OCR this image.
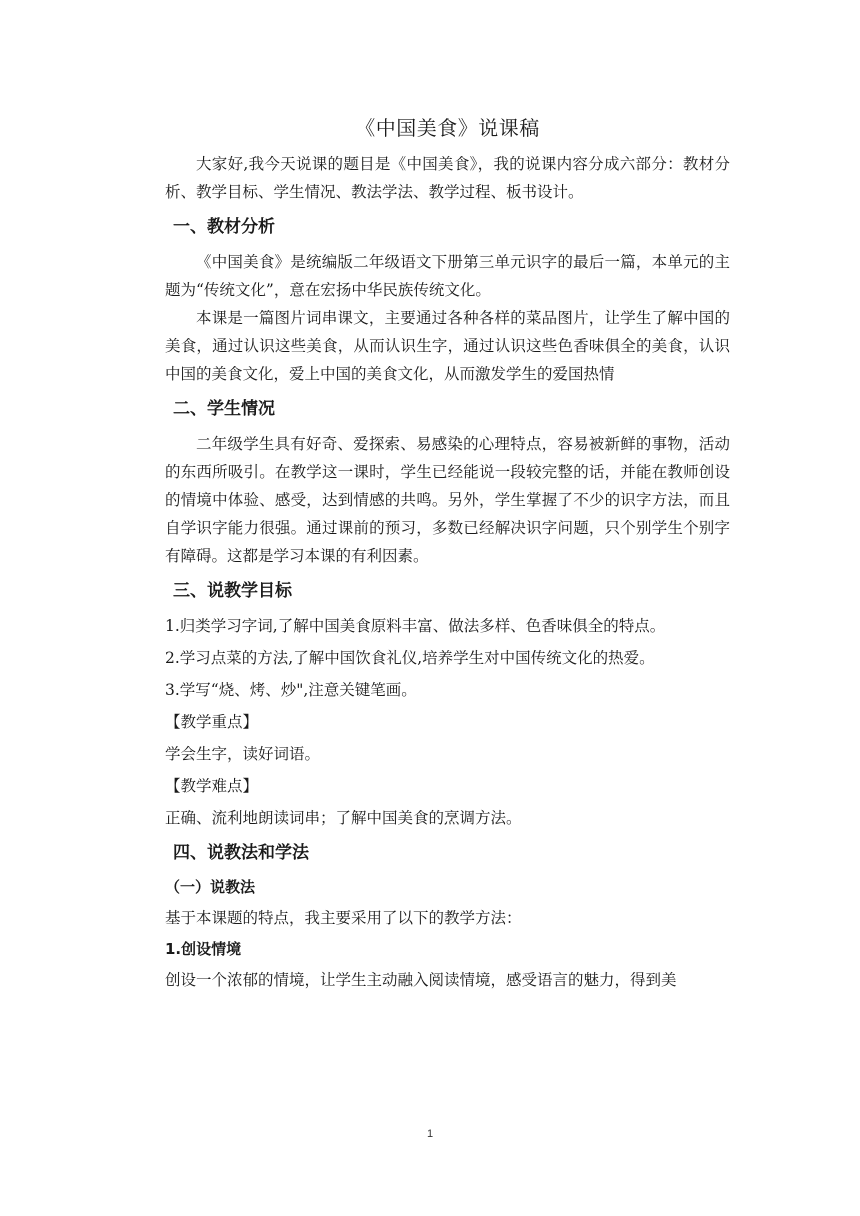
《中国美食》说课稿

大家好,我今天说课的题目是《中国美食》，我的说课内容分成六部分：教材分析、教学目标、学生情况、教法学法、教学过程、板书设计。

一、教材分析

《中国美食》是统编版二年级语文下册第三单元识字的最后一篇，本单元的主题为“传统文化”，意在宏扬中华民族传统文化。

本课是一篇图片词串课文，主要通过各种各样的菜品图片，让学生了解中国的美食，通过认识这些美食，从而认识生字，通过认识这些色香味俱全的美食，认识中国的美食文化，爱上中国的美食文化，从而激发学生的爱国热情

二、学生情况

二年级学生具有好奇、爱探索、易感染的心理特点，容易被新鲜的事物，活动的东西所吸引。在教学这一课时，学生已经能说一段较完整的话，并能在教师创设的情境中体验、感受，达到情感的共鸣。另外，学生掌握了不少的识字方法，而且自学识字能力很强。通过课前的预习，多数已经解决识字问题，只个别学生个别字有障碍。这都是学习本课的有利因素。

三、说教学目标
1.归类学习字词,了解中国美食原料丰富、做法多样、色香味俱全的特点。
2.学习点菜的方法,了解中国饮食礼仪,培养学生对中国传统文化的热爱。
3.学写“烧、烤、炒",注意关键笔画。
【教学重点】
学会生字，读好词语。
【教学难点】
正确、流利地朗读词串；了解中国美食的烹调方法。
四、说教法和学法
（一）说教法
基于本课题的特点，我主要采用了以下的教学方法：
1.创设情境
创设一个浓郁的情境，让学生主动融入阅读情境，感受语言的魅力，得到美
1
